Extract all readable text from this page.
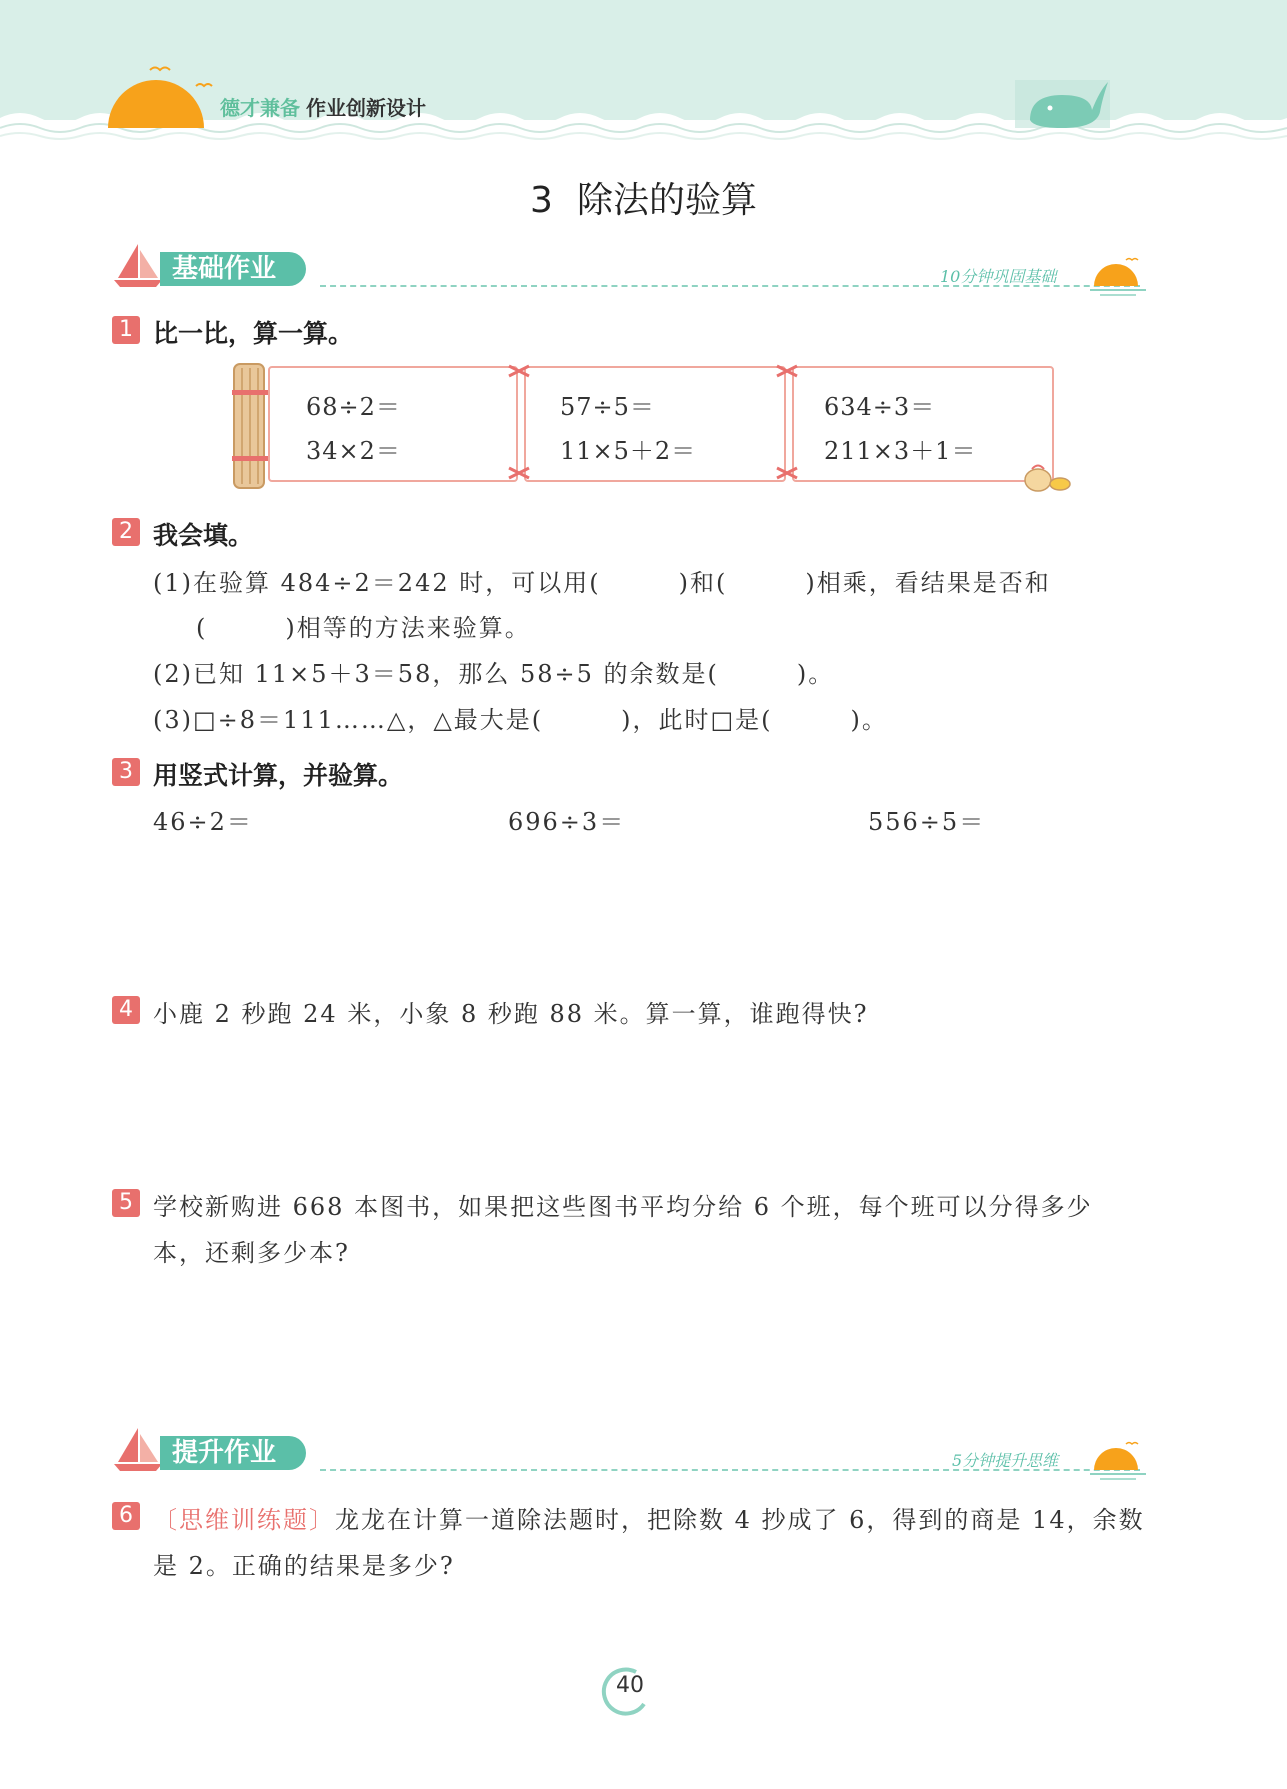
德才兼备 作业创新设计
3 除法的验算
基础作业	10分钟巩固基础
1 比一比，算一算。
68÷2＝
34×2＝
57÷5＝
11×5＋2＝
634÷3＝
211×3＋1＝
2 我会填。
(1)在验算 484÷2＝242 时，可以用(　　　)和(　　　)相乘，看结果是否和
(　　　)相等的方法来验算。
(2)已知 11×5＋3＝58，那么 58÷5 的余数是(　　　)。
(3)□÷8＝111……△，△最大是(　　　)，此时□是(　　　)。
3 用竖式计算，并验算。
46÷2＝	696÷3＝	556÷5＝
4 小鹿 2 秒跑 24 米，小象 8 秒跑 88 米。算一算，谁跑得快?
5 学校新购进 668 本图书，如果把这些图书平均分给 6 个班，每个班可以分得多少
本，还剩多少本?
提升作业	5分钟提升思维
6 〔思维训练题〕龙龙在计算一道除法题时，把除数 4 抄成了 6，得到的商是 14，余数
是 2。正确的结果是多少?
40
